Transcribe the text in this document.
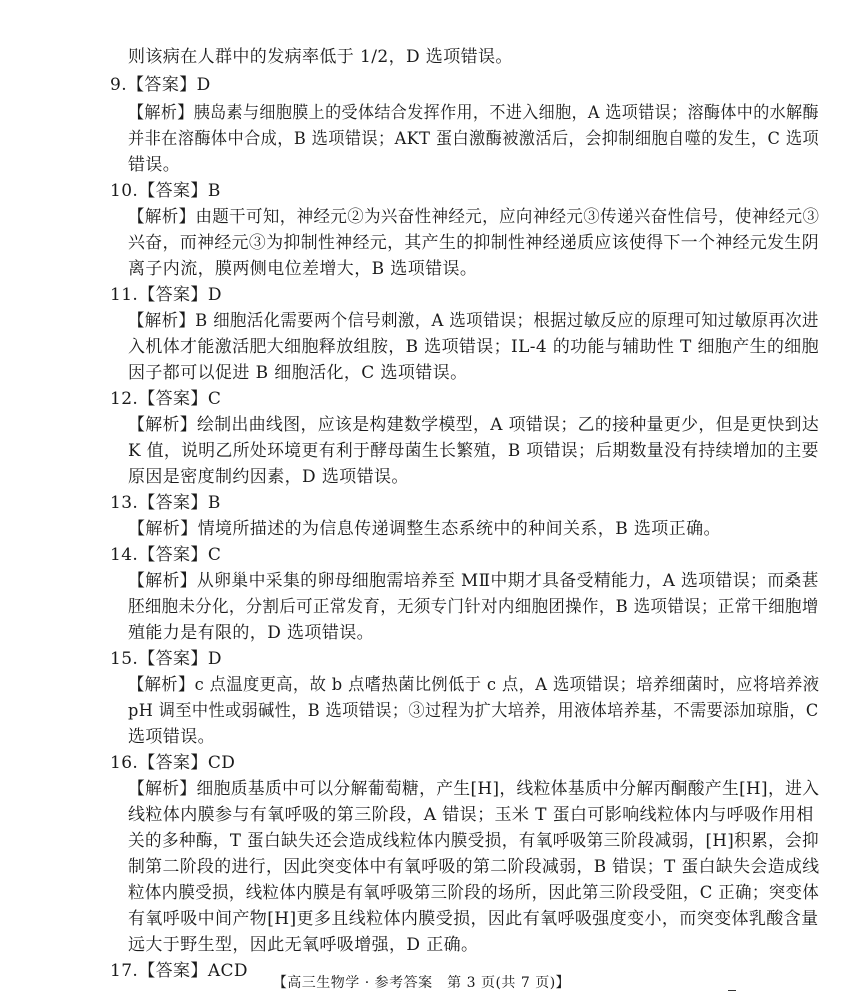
则该病在人群中的发病率低于 1/2，D 选项错误。
9.【答案】D
【解析】胰岛素与细胞膜上的受体结合发挥作用，不进入细胞，A 选项错误；溶酶体中的水解酶
并非在溶酶体中合成，B 选项错误；AKT 蛋白激酶被激活后，会抑制细胞自噬的发生，C 选项
错误。
10.【答案】B
【解析】由题干可知，神经元②为兴奋性神经元，应向神经元③传递兴奋性信号，使神经元③
兴奋，而神经元③为抑制性神经元，其产生的抑制性神经递质应该使得下一个神经元发生阴
离子内流，膜两侧电位差增大，B 选项错误。
11.【答案】D
【解析】B 细胞活化需要两个信号刺激，A 选项错误；根据过敏反应的原理可知过敏原再次进
入机体才能激活肥大细胞释放组胺，B 选项错误；IL-4 的功能与辅助性 T 细胞产生的细胞
因子都可以促进 B 细胞活化，C 选项错误。
12.【答案】C
【解析】绘制出曲线图，应该是构建数学模型，A 项错误；乙的接种量更少，但是更快到达
K 值，说明乙所处环境更有利于酵母菌生长繁殖，B 项错误；后期数量没有持续增加的主要
原因是密度制约因素，D 选项错误。
13.【答案】B
【解析】情境所描述的为信息传递调整生态系统中的种间关系，B 选项正确。
14.【答案】C
【解析】从卵巢中采集的卵母细胞需培养至 MⅡ中期才具备受精能力，A 选项错误；而桑葚
胚细胞未分化，分割后可正常发育，无须专门针对内细胞团操作，B 选项错误；正常干细胞增
殖能力是有限的，D 选项错误。
15.【答案】D
【解析】c 点温度更高，故 b 点嗜热菌比例低于 c 点，A 选项错误；培养细菌时，应将培养液
pH 调至中性或弱碱性，B 选项错误；③过程为扩大培养，用液体培养基，不需要添加琼脂，C
选项错误。
16.【答案】CD
【解析】细胞质基质中可以分解葡萄糖，产生[H]，线粒体基质中分解丙酮酸产生[H]，进入
线粒体内膜参与有氧呼吸的第三阶段，A 错误；玉米 T 蛋白可影响线粒体内与呼吸作用相
关的多种酶，T 蛋白缺失还会造成线粒体内膜受损，有氧呼吸第三阶段减弱，[H]积累，会抑
制第二阶段的进行，因此突变体中有氧呼吸的第二阶段减弱，B 错误；T 蛋白缺失会造成线
粒体内膜受损，线粒体内膜是有氧呼吸第三阶段的场所，因此第三阶段受阻，C 正确；突变体
有氧呼吸中间产物[H]更多且线粒体内膜受损，因此有氧呼吸强度变小，而突变体乳酸含量
远大于野生型，因此无氧呼吸增强，D 正确。
17.【答案】ACD
【高三生物学 · 参考答案　第 3 页(共 7 页)】
